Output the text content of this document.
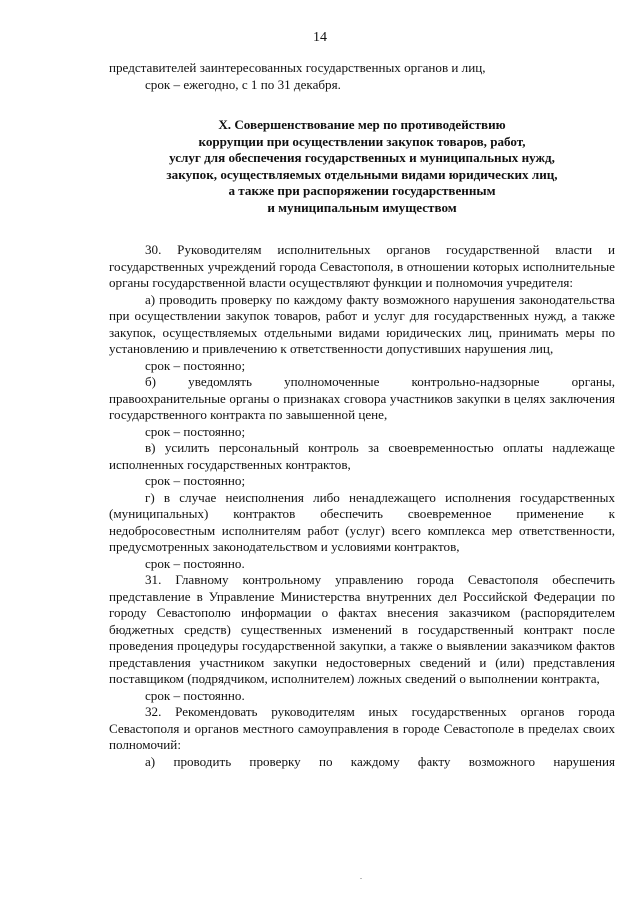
14

представителей заинтересованных государственных органов и лиц,

срок – ежегодно, с 1 по 31 декабря.

X. Совершенствование мер по противодействию
коррупции при осуществлении закупок товаров, работ,
услуг для обеспечения государственных и муниципальных нужд,
закупок, осуществляемых отдельными видами юридических лиц,
а также при распоряжении государственным
и муниципальным имуществом

30. Руководителям исполнительных органов государственной власти и государственных учреждений города Севастополя, в отношении которых исполнительные органы государственной власти осуществляют функции и полномочия учредителя:

а) проводить проверку по каждому факту возможного нарушения законодательства при осуществлении закупок товаров, работ и услуг для государственных нужд, а также закупок, осуществляемых отдельными видами юридических лиц, принимать меры по установлению и привлечению к ответственности допустивших нарушения лиц,

срок – постоянно;

б) уведомлять уполномоченные контрольно-надзорные органы, правоохранительные органы о признаках сговора участников закупки в целях заключения государственного контракта по завышенной цене,

срок – постоянно;

в) усилить персональный контроль за своевременностью оплаты надлежаще исполненных государственных контрактов,

срок – постоянно;

г) в случае неисполнения либо ненадлежащего исполнения государственных (муниципальных) контрактов обеспечить своевременное применение к недобросовестным исполнителям работ (услуг) всего комплекса мер ответственности, предусмотренных законодательством и условиями контрактов,

срок – постоянно.

31. Главному контрольному управлению города Севастополя обеспечить представление в Управление Министерства внутренних дел Российской Федерации по городу Севастополю информации о фактах внесения заказчиком (распорядителем бюджетных средств) существенных изменений в государственный контракт после проведения процедуры государственной закупки, а также о выявлении заказчиком фактов представления участником закупки недостоверных сведений и (или) представления поставщиком (подрядчиком, исполнителем) ложных сведений о выполнении контракта,

срок – постоянно.

32. Рекомендовать руководителям иных государственных органов города Севастополя и органов местного самоуправления в городе Севастополе в пределах своих полномочий:

а) проводить проверку по каждому факту возможного нарушения
